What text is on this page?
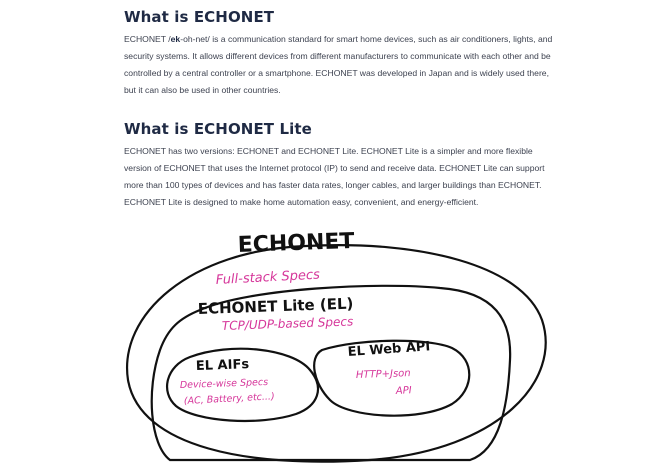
What is ECHONET

ECHONET /ek-oh-net/ is a communication standard for smart home devices, such as air conditioners, lights, and security systems. It allows different devices from different manufacturers to communicate with each other and be controlled by a central controller or a smartphone. ECHONET was developed in Japan and is widely used there, but it can also be used in other countries.

What is ECHONET Lite

ECHONET has two versions: ECHONET and ECHONET Lite. ECHONET Lite is a simpler and more flexible version of ECHONET that uses the Internet protocol (IP) to send and receive data. ECHONET Lite can support more than 100 types of devices and has faster data rates, longer cables, and larger buildings than ECHONET. ECHONET Lite is designed to make home automation easy, convenient, and energy-efficient.

ECHONET
Full-stack Specs
ECHONET Lite (EL)
TCP/UDP-based Specs
EL AIFs
Device-wise Specs
(AC, Battery, etc...)
EL Web API
HTTP+Json
API
